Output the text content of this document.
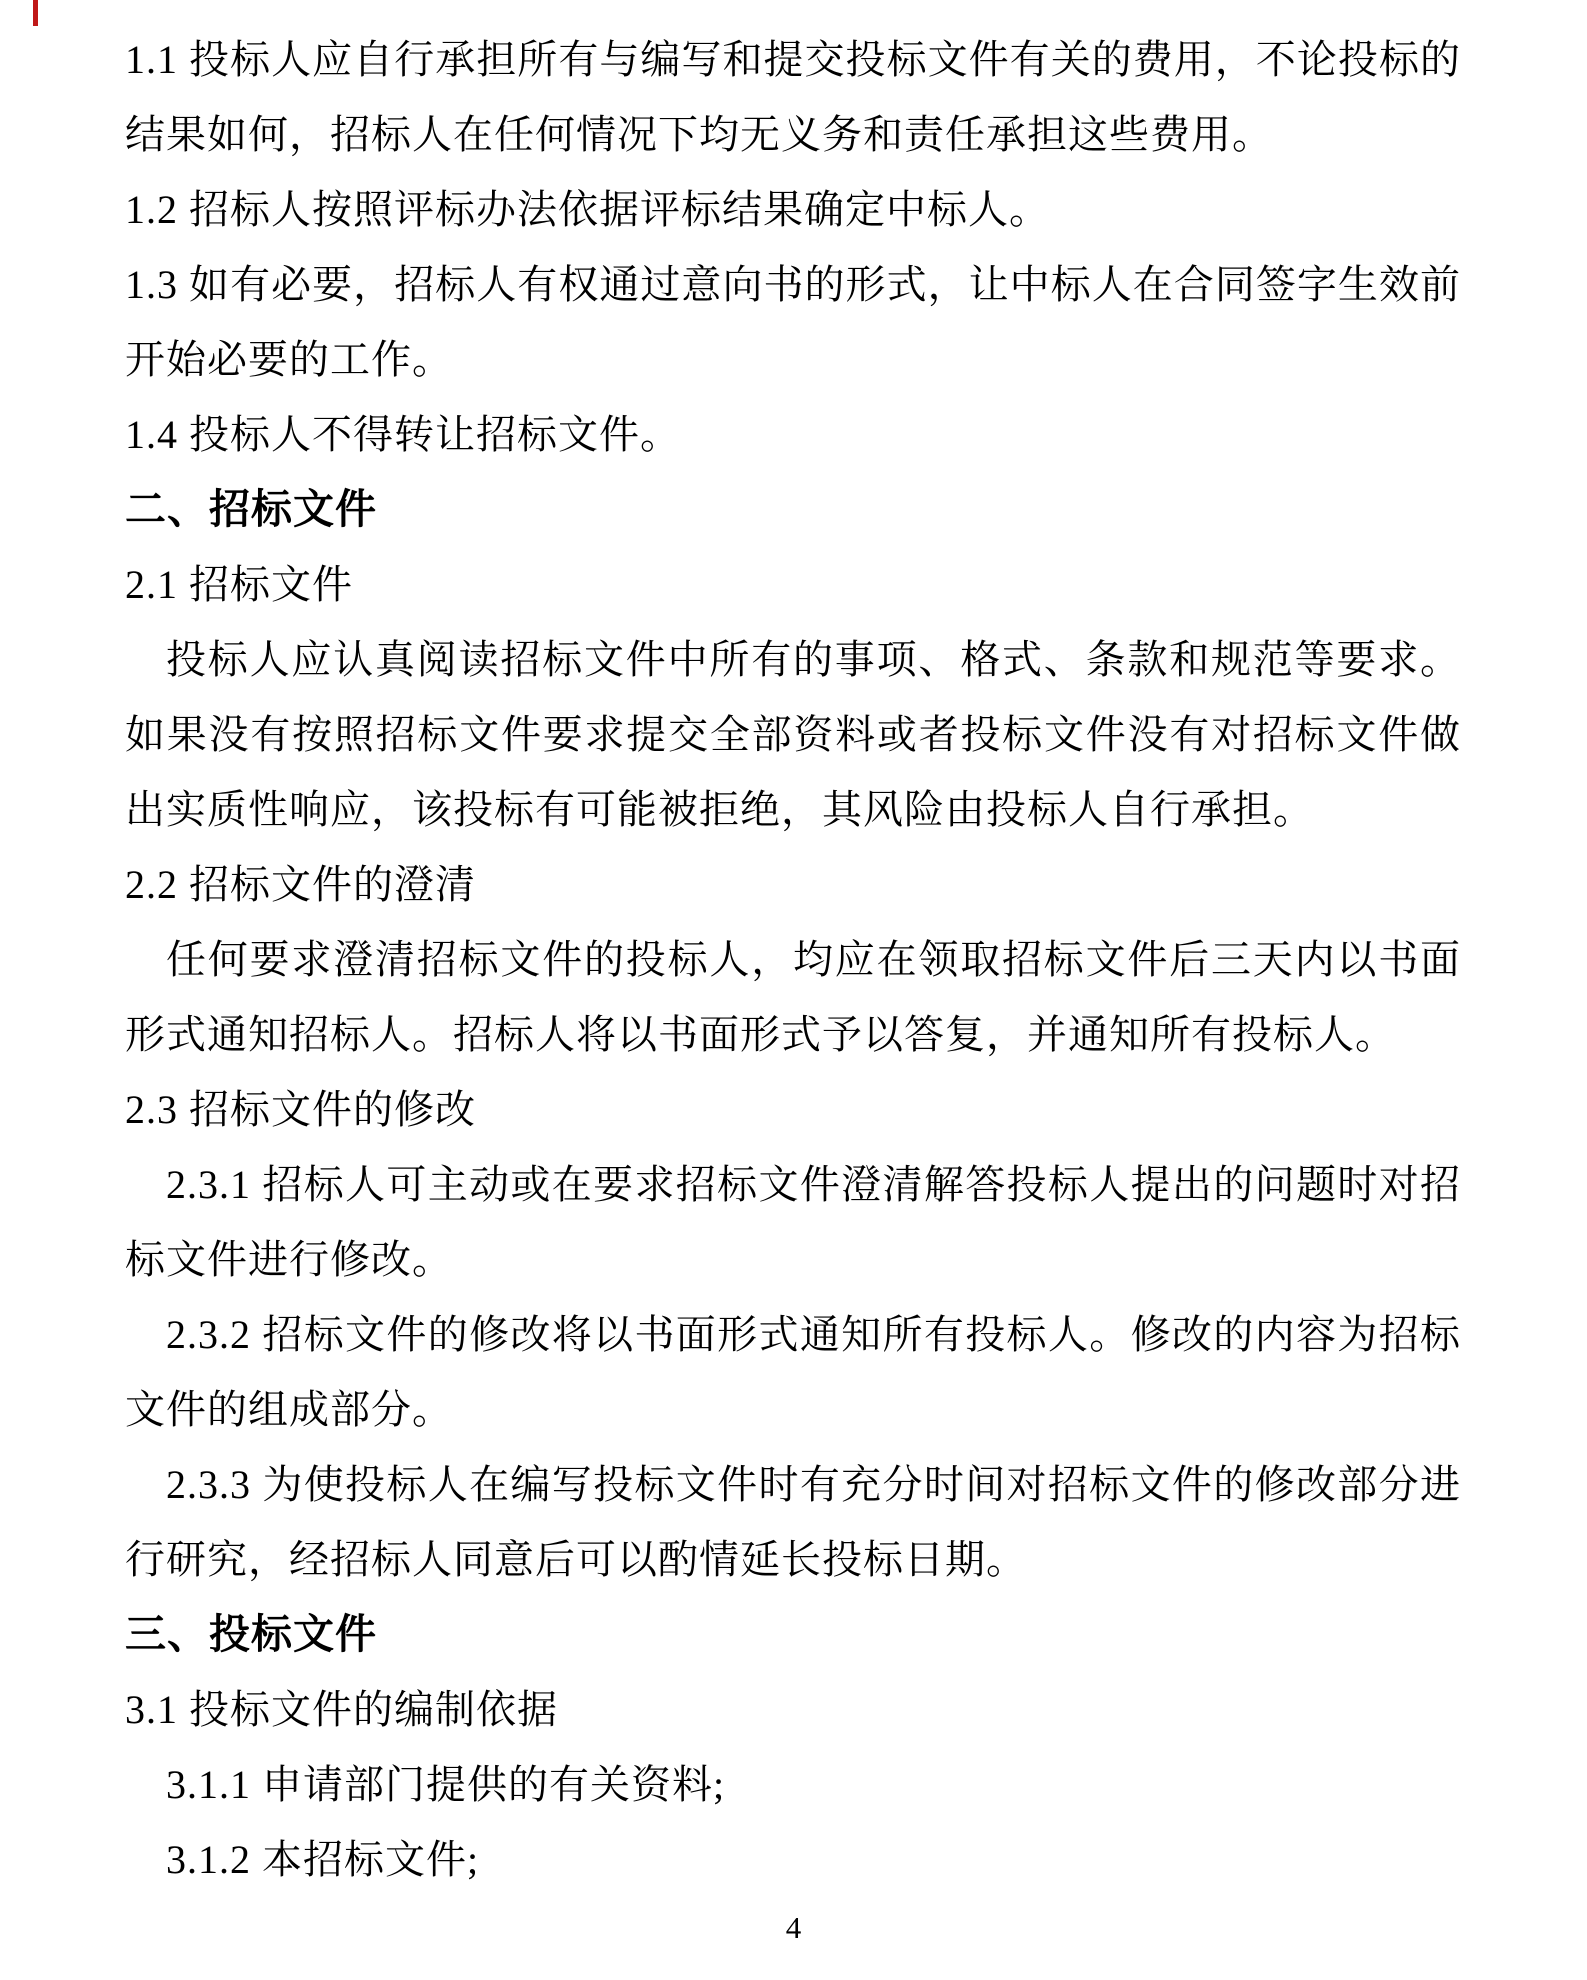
1.1 投标人应自行承担所有与编写和提交投标文件有关的费用，不论投标的结果如何，招标人在任何情况下均无义务和责任承担这些费用。

1.2 招标人按照评标办法依据评标结果确定中标人。

1.3 如有必要，招标人有权通过意向书的形式，让中标人在合同签字生效前开始必要的工作。

1.4 投标人不得转让招标文件。

二、招标文件

2.1 招标文件

投标人应认真阅读招标文件中所有的事项、格式、条款和规范等要求。如果没有按照招标文件要求提交全部资料或者投标文件没有对招标文件做出实质性响应，该投标有可能被拒绝，其风险由投标人自行承担。

2.2 招标文件的澄清

任何要求澄清招标文件的投标人，均应在领取招标文件后三天内以书面形式通知招标人。招标人将以书面形式予以答复，并通知所有投标人。

2.3 招标文件的修改

2.3.1 招标人可主动或在要求招标文件澄清解答投标人提出的问题时对招标文件进行修改。

2.3.2 招标文件的修改将以书面形式通知所有投标人。修改的内容为招标文件的组成部分。

2.3.3 为使投标人在编写投标文件时有充分时间对招标文件的修改部分进行研究，经招标人同意后可以酌情延长投标日期。

三、投标文件

3.1 投标文件的编制依据

3.1.1 申请部门提供的有关资料;

3.1.2 本招标文件;

4
